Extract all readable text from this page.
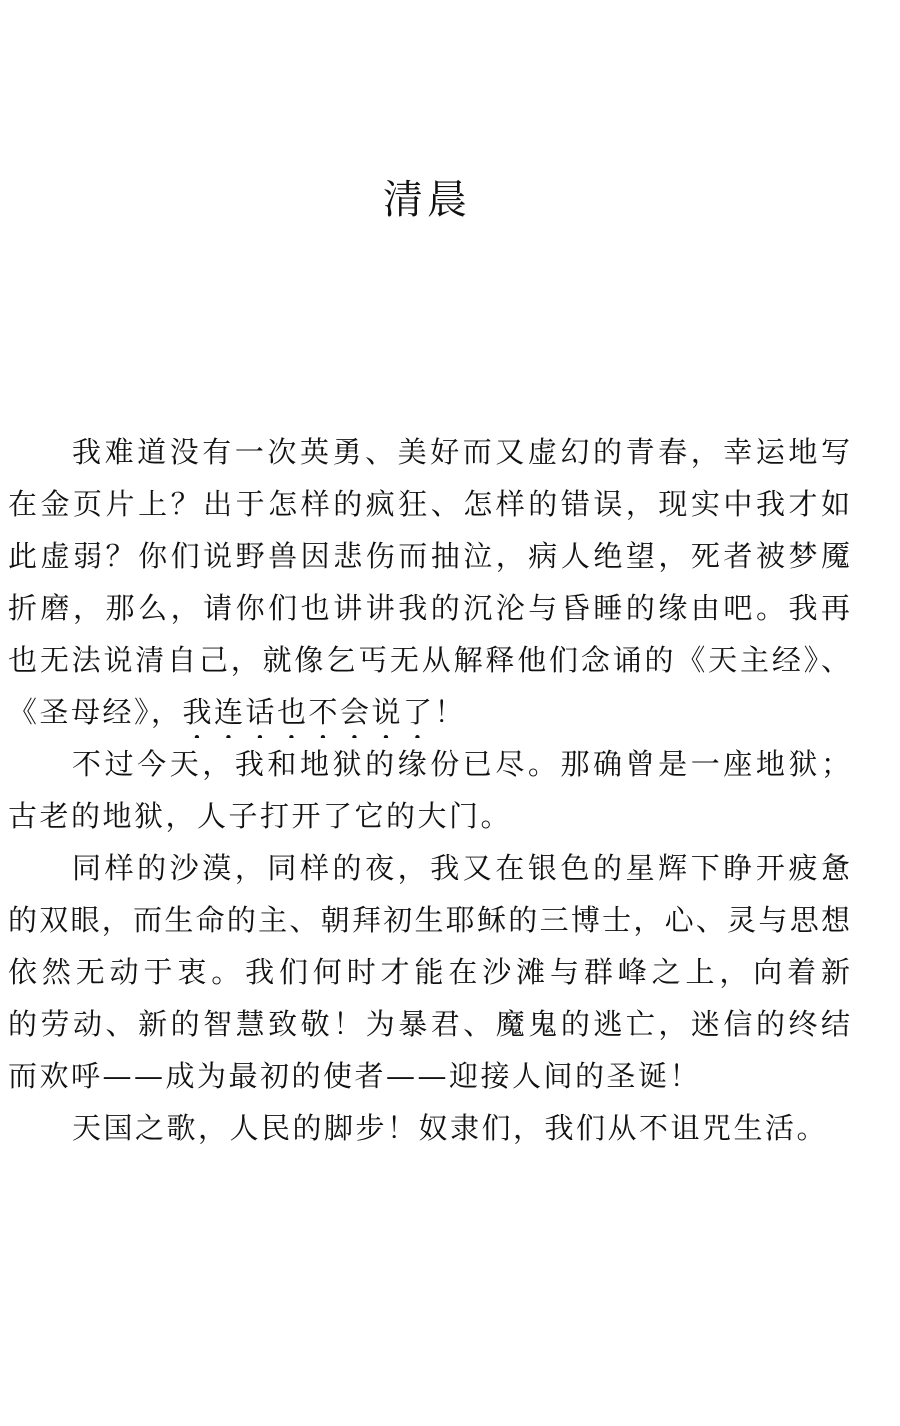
清晨
我难道没有一次英勇、美好而又虚幻的青春，幸运地写
在金页片上？出于怎样的疯狂、怎样的错误，现实中我才如
此虚弱？你们说野兽因悲伤而抽泣，病人绝望，死者被梦魇
折磨，那么，请你们也讲讲我的沉沦与昏睡的缘由吧。我再
也无法说清自己，就像乞丐无从解释他们念诵的《天主经》、
《圣母经》，我连话也不会说了！
不过今天，我和地狱的缘份已尽。那确曾是一座地狱；
古老的地狱，人子打开了它的大门。
同样的沙漠，同样的夜，我又在银色的星辉下睁开疲惫
的双眼，而生命的主、朝拜初生耶稣的三博士，心、灵与思想
依然无动于衷。我们何时才能在沙滩与群峰之上，向着新
的劳动、新的智慧致敬！为暴君、魔鬼的逃亡，迷信的终结
而欢呼——成为最初的使者——迎接人间的圣诞！
天国之歌，人民的脚步！奴隶们，我们从不诅咒生活。
